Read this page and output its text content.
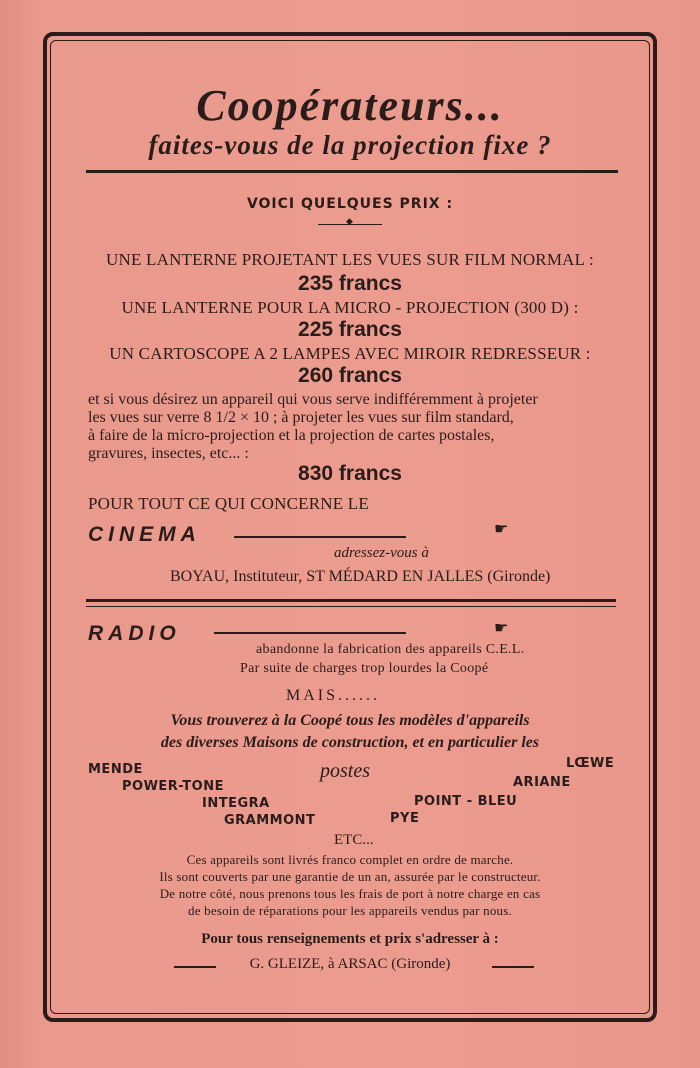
Coopérateurs...
faites-vous de la projection fixe ?
VOICI QUELQUES PRIX :
◆
UNE LANTERNE PROJETANT LES VUES SUR FILM NORMAL :
235 francs
UNE LANTERNE POUR LA MICRO - PROJECTION (300 D) :
225 francs
UN CARTOSCOPE A 2 LAMPES AVEC MIROIR REDRESSEUR :
260 francs
et si vous désirez un appareil qui vous serve indifféremment à projeter
les vues sur verre 8 1/2 × 10 ; à projeter les vues sur film standard,
à faire de la micro-projection et la projection de cartes postales,
gravures, insectes, etc... :
830 francs
POUR TOUT CE QUI CONCERNE LE
CINEMA	☛
adressez-vous à
BOYAU, Instituteur, ST MÉDARD EN JALLES (Gironde)
RADIO	☛
abandonne la fabrication des appareils C.E.L.
Par suite de charges trop lourdes la Coopé
MAIS......
Vous trouverez à la Coopé tous les modèles d'appareils
des diverses Maisons de construction, et en particulier les
MENDE	postes	LŒWE
POWER-TONE	ARIANE
INTEGRA	POINT - BLEU
GRAMMONT	PYE
ETC...
Ces appareils sont livrés franco complet en ordre de marche.
Ils sont couverts par une garantie de un an, assurée par le constructeur.
De notre côté, nous prenons tous les frais de port à notre charge en cas
de besoin de réparations pour les appareils vendus par nous.
Pour tous renseignements et prix s'adresser à :
G. GLEIZE, à ARSAC (Gironde)
